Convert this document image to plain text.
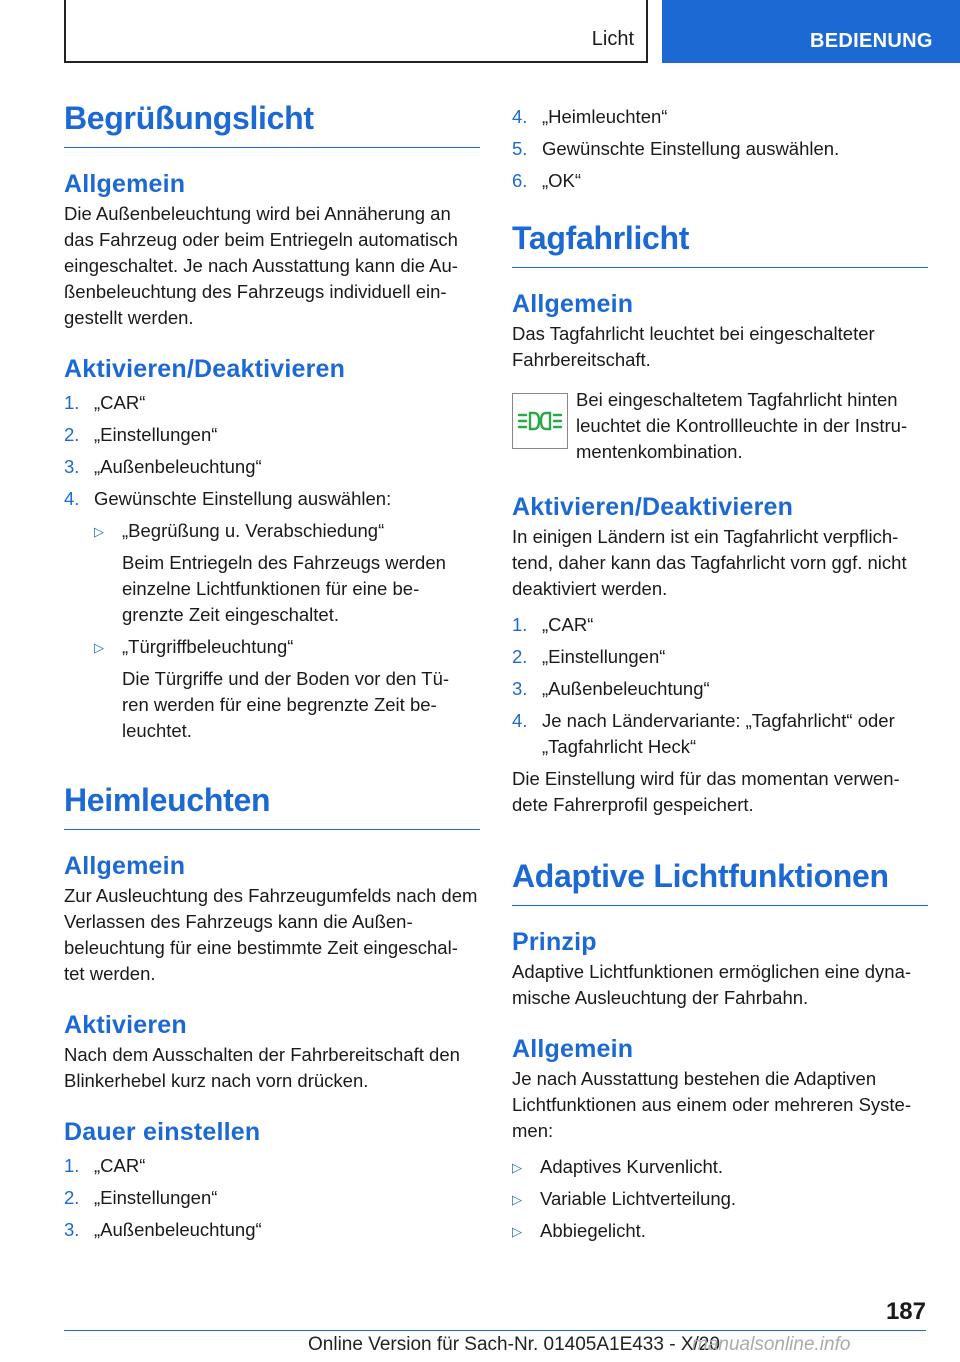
Licht	BEDIENUNG
Begrüßungslicht
Allgemein

Die Außenbeleuchtung wird bei Annäherung an das Fahrzeug oder beim Entriegeln automatisch eingeschaltet. Je nach Ausstattung kann die Au‐ ßenbeleuchtung des Fahrzeugs individuell ein‐ gestellt werden.

Aktivieren/Deaktivieren
1. „CAR“
2. „Einstellungen“
3. „Außenbeleuchtung“
4. Gewünschte Einstellung auswählen:
▷ „Begrüßung u. Verabschiedung“
Beim Entriegeln des Fahrzeugs werden einzelne Lichtfunktionen für eine be‐ grenzte Zeit eingeschaltet.
▷ „Türgriffbeleuchtung“
Die Türgriffe und der Boden vor den Tü‐ ren werden für eine begrenzte Zeit be‐ leuchtet.
Heimleuchten
Allgemein

Zur Ausleuchtung des Fahrzeugumfelds nach dem Verlassen des Fahrzeugs kann die Außen‐ beleuchtung für eine bestimmte Zeit eingeschal‐ tet werden.

Aktivieren

Nach dem Ausschalten der Fahrbereitschaft den Blinkerhebel kurz nach vorn drücken.

Dauer einstellen
1. „CAR“
2. „Einstellungen“
3. „Außenbeleuchtung“
4. „Heimleuchten“
5. Gewünschte Einstellung auswählen.
6. „OK“
Tagfahrlicht
Allgemein

Das Tagfahrlicht leuchtet bei eingeschalteter Fahrbereitschaft.

Bei eingeschaltetem Tagfahrlicht hinten leuchtet die Kontrollleuchte in der Instru‐ mentenkombination.

Aktivieren/Deaktivieren

In einigen Ländern ist ein Tagfahrlicht verpflich‐ tend, daher kann das Tagfahrlicht vorn ggf. nicht deaktiviert werden.

1. „CAR“
2. „Einstellungen“
3. „Außenbeleuchtung“
4. Je nach Ländervariante: „Tagfahrlicht“ oder „Tagfahrlicht Heck“

Die Einstellung wird für das momentan verwen‐ dete Fahrerprofil gespeichert.

Adaptive Lichtfunktionen
Prinzip

Adaptive Lichtfunktionen ermöglichen eine dyna‐ mische Ausleuchtung der Fahrbahn.

Allgemein

Je nach Ausstattung bestehen die Adaptiven Lichtfunktionen aus einem oder mehreren Syste‐ men:

▷ Adaptives Kurvenlicht.
▷ Variable Lichtverteilung.
▷ Abbiegelicht.
187
Online Version für Sach-Nr. 01405A1E433 - X/20
manualsonline.info
